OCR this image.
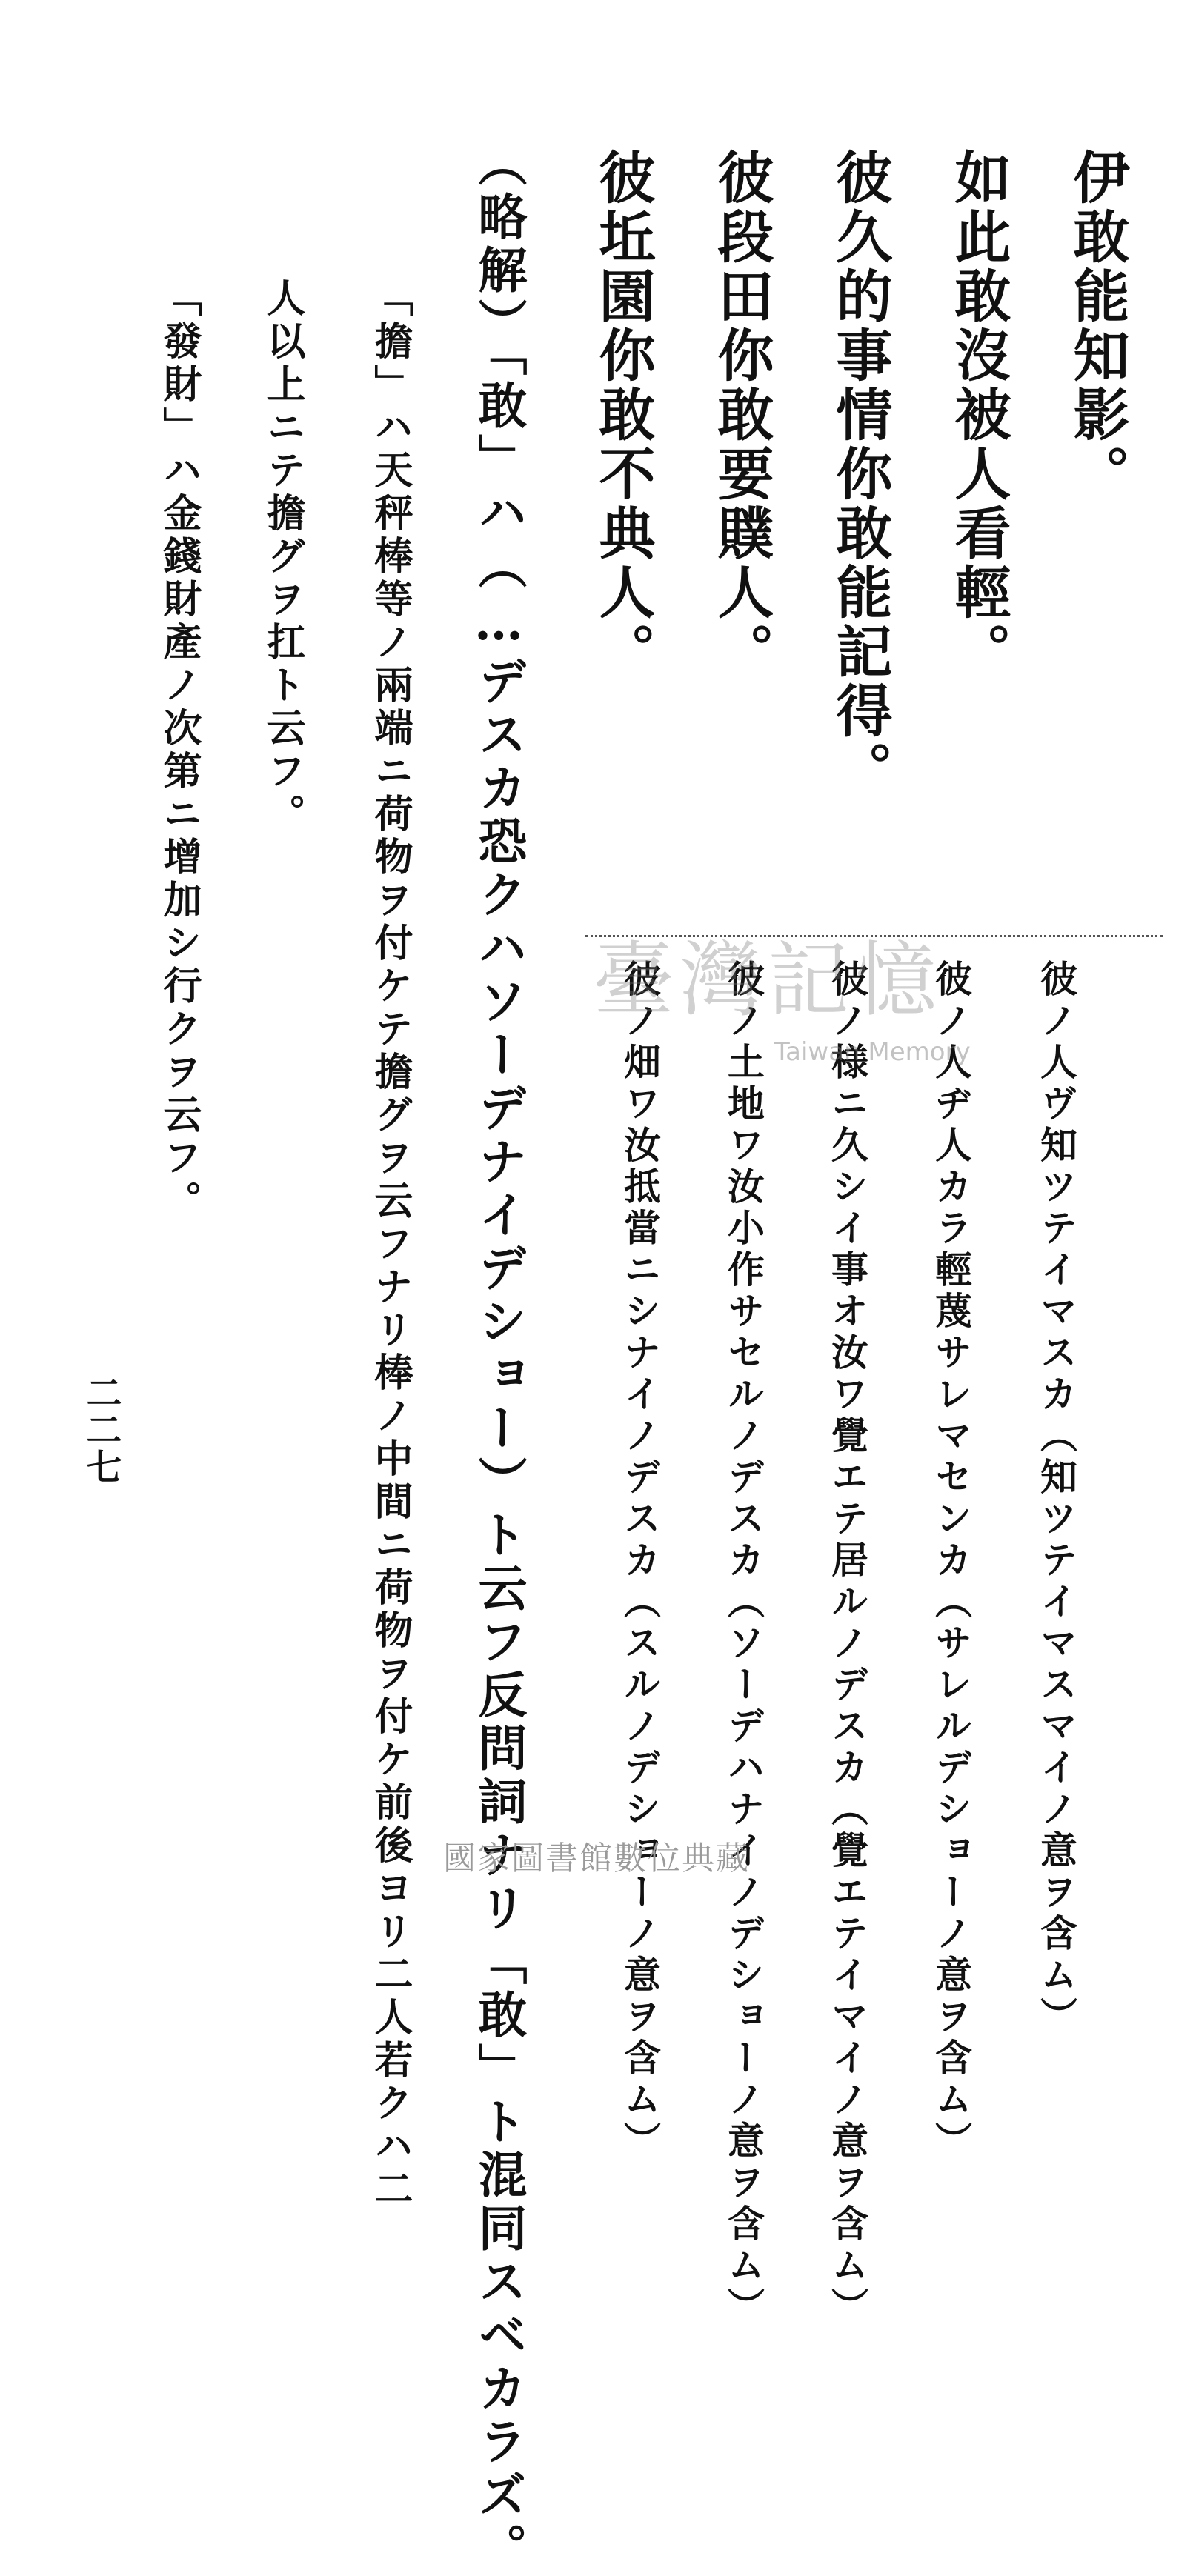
伊敢能知影。
如此敢沒被人看輕。
彼久的事情你敢能記得。
彼段田你敢要贌人。
彼坵園你敢不典人。
（略解）「敢」ハ（…デスカ恐クハソーデナイデショー）ト云フ反問詞ナリ「敢」ト混同スベカラズ。
「擔」ハ天秤棒等ノ兩端ニ荷物ヲ付ケテ擔グヲ云フナリ棒ノ中間ニ荷物ヲ付ケ前後ヨリ二人若クハ二
人以上ニテ擔グヲ扛ト云フ。
「發財」ハ金錢財產ノ次第ニ增加シ行クヲ云フ。
彼ノ人ヴ知ツテイマスカ（知ツテイマスマイノ意ヲ含ム）
彼ノ人ヂ人カラ輕蔑サレマセンカ（サレルデショーノ意ヲ含ム）
彼ノ様ニ久シイ事オ汝ワ覺エテ居ルノデスカ（覺エテイマイノ意ヲ含ム）
彼ノ土地ワ汝小作サセルノデスカ（ソーデハナイノデショーノ意ヲ含ム）
彼ノ畑ワ汝抵當ニシナイノデスカ（スルノデショーノ意ヲ含ム）
臺灣記憶
Taiwan Memory
二二七
國家圖書館數位典藏
